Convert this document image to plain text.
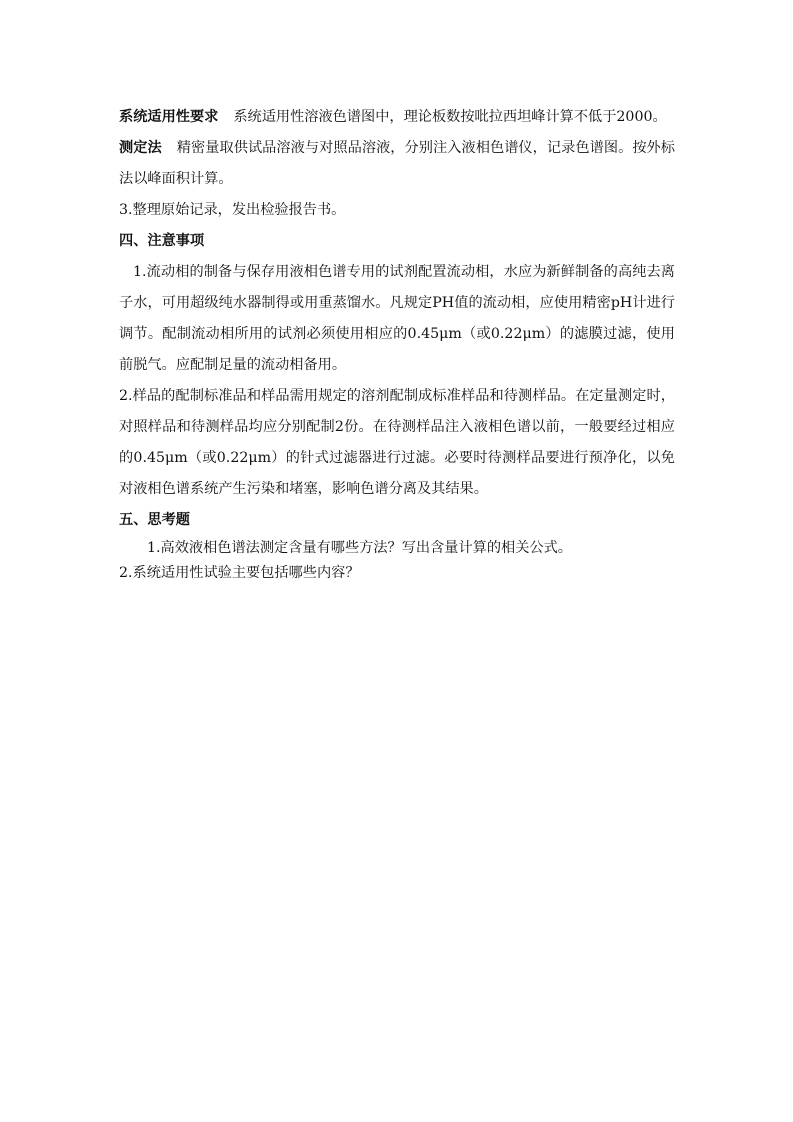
系统适用性要求 系统适用性溶液色谱图中，理论板数按吡拉西坦峰计算不低于2000。

测定法 精密量取供试品溶液与对照品溶液，分别注入液相色谱仪，记录色谱图。按外标法以峰面积计算。

3.整理原始记录，发出检验报告书。

四、注意事项

1.流动相的制备与保存用液相色谱专用的试剂配置流动相，水应为新鲜制备的高纯去离子水，可用超级纯水器制得或用重蒸馏水。凡规定PH值的流动相，应使用精密pH计进行调节。配制流动相所用的试剂必须使用相应的0.45μm（或0.22μm）的滤膜过滤，使用前脱气。应配制足量的流动相备用。

2.样品的配制标准品和样品需用规定的溶剂配制成标准样品和待测样品。在定量测定时，对照样品和待测样品均应分别配制2份。在待测样品注入液相色谱以前，一般要经过相应的0.45μm（或0.22μm）的针式过滤器进行过滤。必要时待测样品要进行预净化，以免对液相色谱系统产生污染和堵塞，影响色谱分离及其结果。

五、思考题

1.高效液相色谱法测定含量有哪些方法？写出含量计算的相关公式。

2.系统适用性试验主要包括哪些内容？
